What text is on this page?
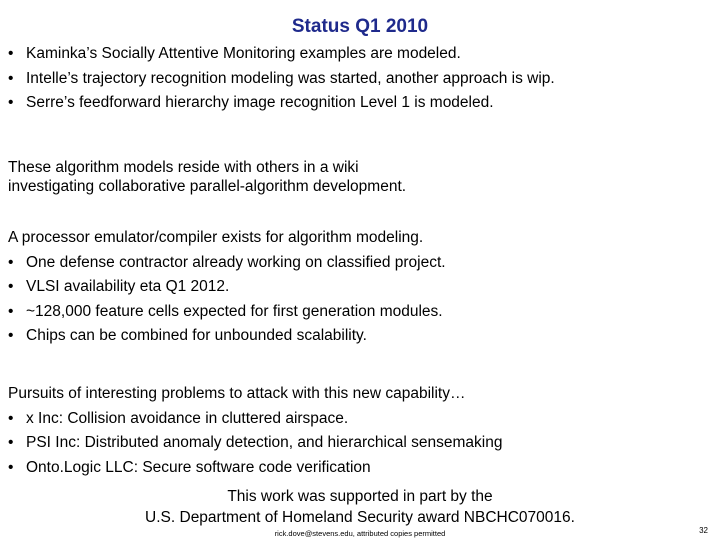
Status Q1 2010
• Kaminka’s Socially Attentive Monitoring examples are modeled.
• Intelle’s trajectory recognition modeling was started, another approach is wip.
• Serre’s feedforward hierarchy image recognition Level 1 is modeled.

These algorithm models reside with others in a wiki

investigating collaborative parallel-algorithm development.

A processor emulator/compiler exists for algorithm modeling.

• One defense contractor already working on classified project.
• VLSI availability eta Q1 2012.
• ~128,000 feature cells expected for first generation modules.
• Chips can be combined for unbounded scalability.

Pursuits of interesting problems to attack with this new capability…

• x Inc: Collision avoidance in cluttered airspace.
• PSI Inc: Distributed anomaly detection, and hierarchical sensemaking
• Onto.Logic LLC: Secure software code verification
This work was supported in part by the
U.S. Department of Homeland Security award NBCHC070016.
rick.dove@stevens.edu, attributed copies permitted	32
